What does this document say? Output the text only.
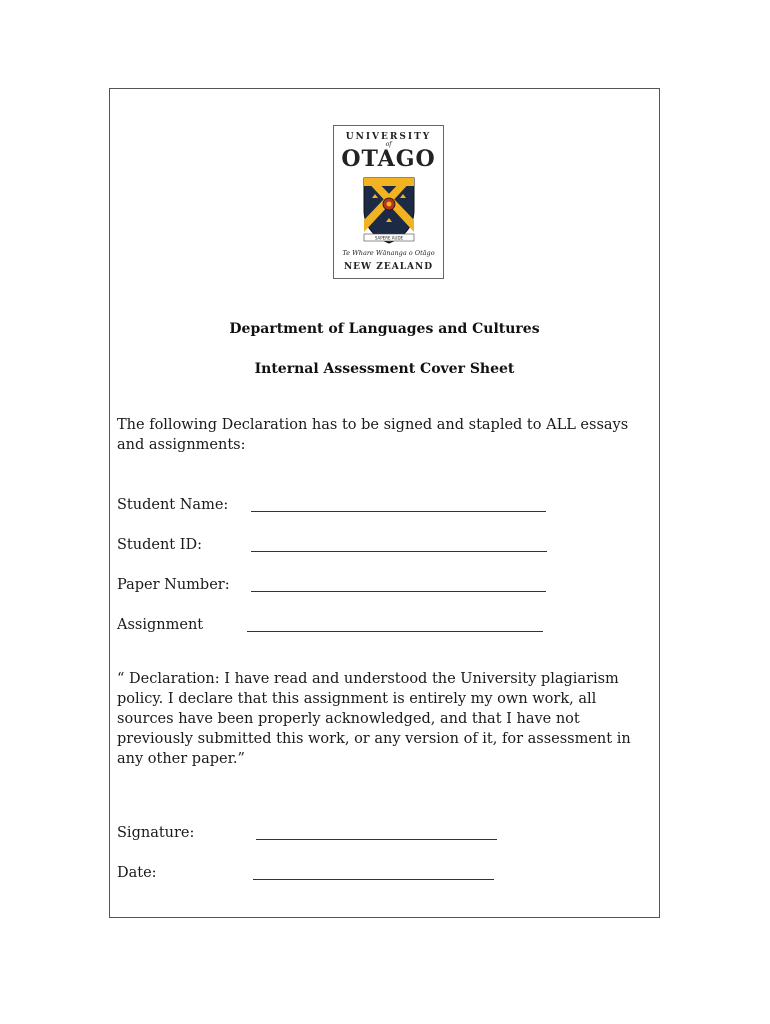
UNIVERSITY
of
OTAGO
SAPERE AUDE
Te Whare Wānanga o Otāgo
NEW ZEALAND
Department of Languages and Cultures
Internal Assessment Cover Sheet
The following Declaration has to be signed and stapled to ALL essays and assignments:
Student Name:
Student ID:
Paper Number:
Assignment
“ Declaration: I have read and understood the University plagiarism policy. I declare that this assignment is entirely my own work, all sources have been properly acknowledged, and that I have not previously submitted this work, or any version of it, for assessment in any other paper.”
Signature:
Date:
